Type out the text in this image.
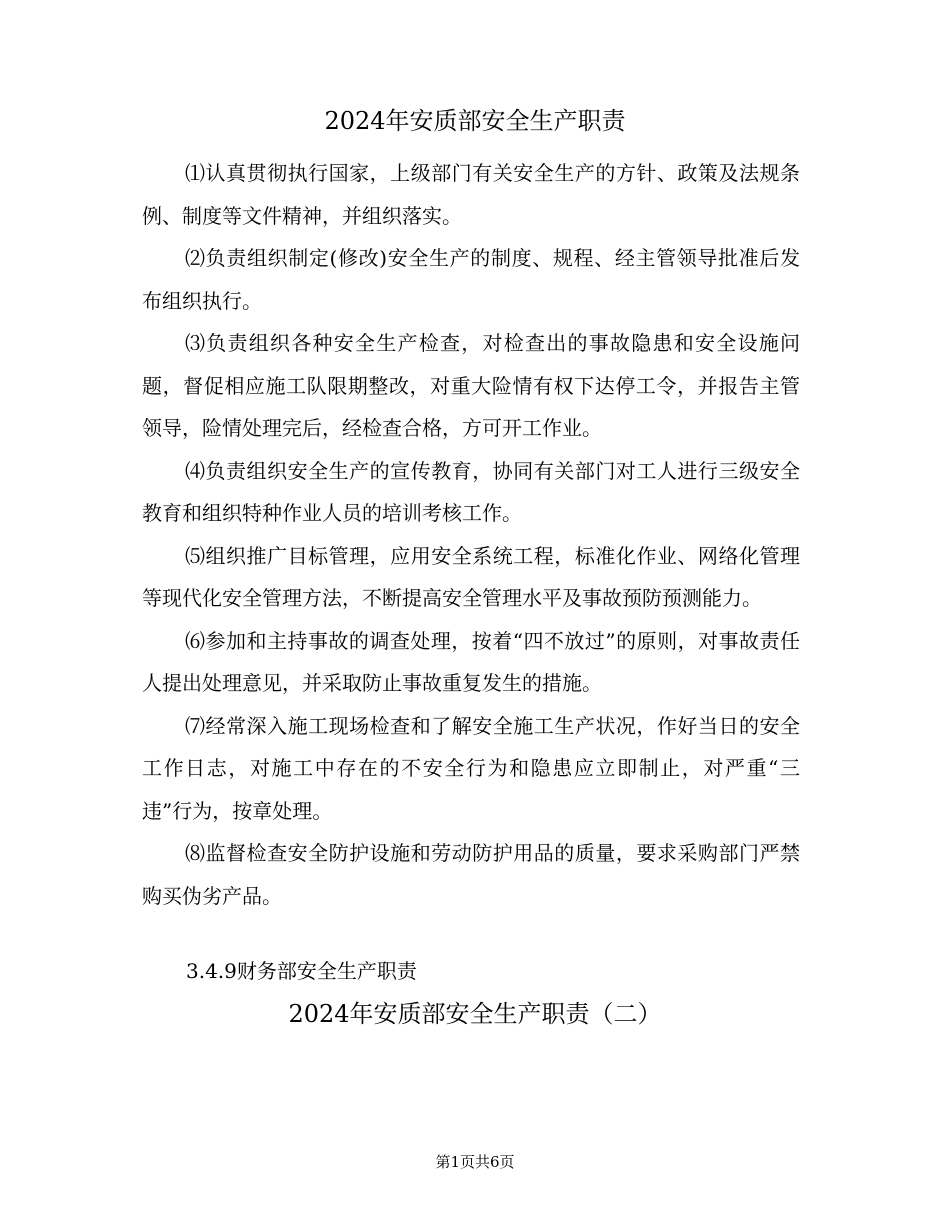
2024年安质部安全生产职责

⑴认真贯彻执行国家，上级部门有关安全生产的方针、政策及法规条例、制度等文件精神，并组织落实。

⑵负责组织制定(修改)安全生产的制度、规程、经主管领导批准后发布组织执行。

⑶负责组织各种安全生产检查，对检查出的事故隐患和安全设施问题，督促相应施工队限期整改，对重大险情有权下达停工令，并报告主管领导，险情处理完后，经检查合格，方可开工作业。

⑷负责组织安全生产的宣传教育，协同有关部门对工人进行三级安全教育和组织特种作业人员的培训考核工作。

⑸组织推广目标管理，应用安全系统工程，标准化作业、网络化管理等现代化安全管理方法，不断提高安全管理水平及事故预防预测能力。

⑹参加和主持事故的调查处理，按着“四不放过”的原则，对事故责任人提出处理意见，并采取防止事故重复发生的措施。

⑺经常深入施工现场检查和了解安全施工生产状况，作好当日的安全工作日志，对施工中存在的不安全行为和隐患应立即制止，对严重“三违”行为，按章处理。

⑻监督检查安全防护设施和劳动防护用品的质量，要求采购部门严禁购买伪劣产品。

3.4.9财务部安全生产职责
2024年安质部安全生产职责（二）
第1页共6页
